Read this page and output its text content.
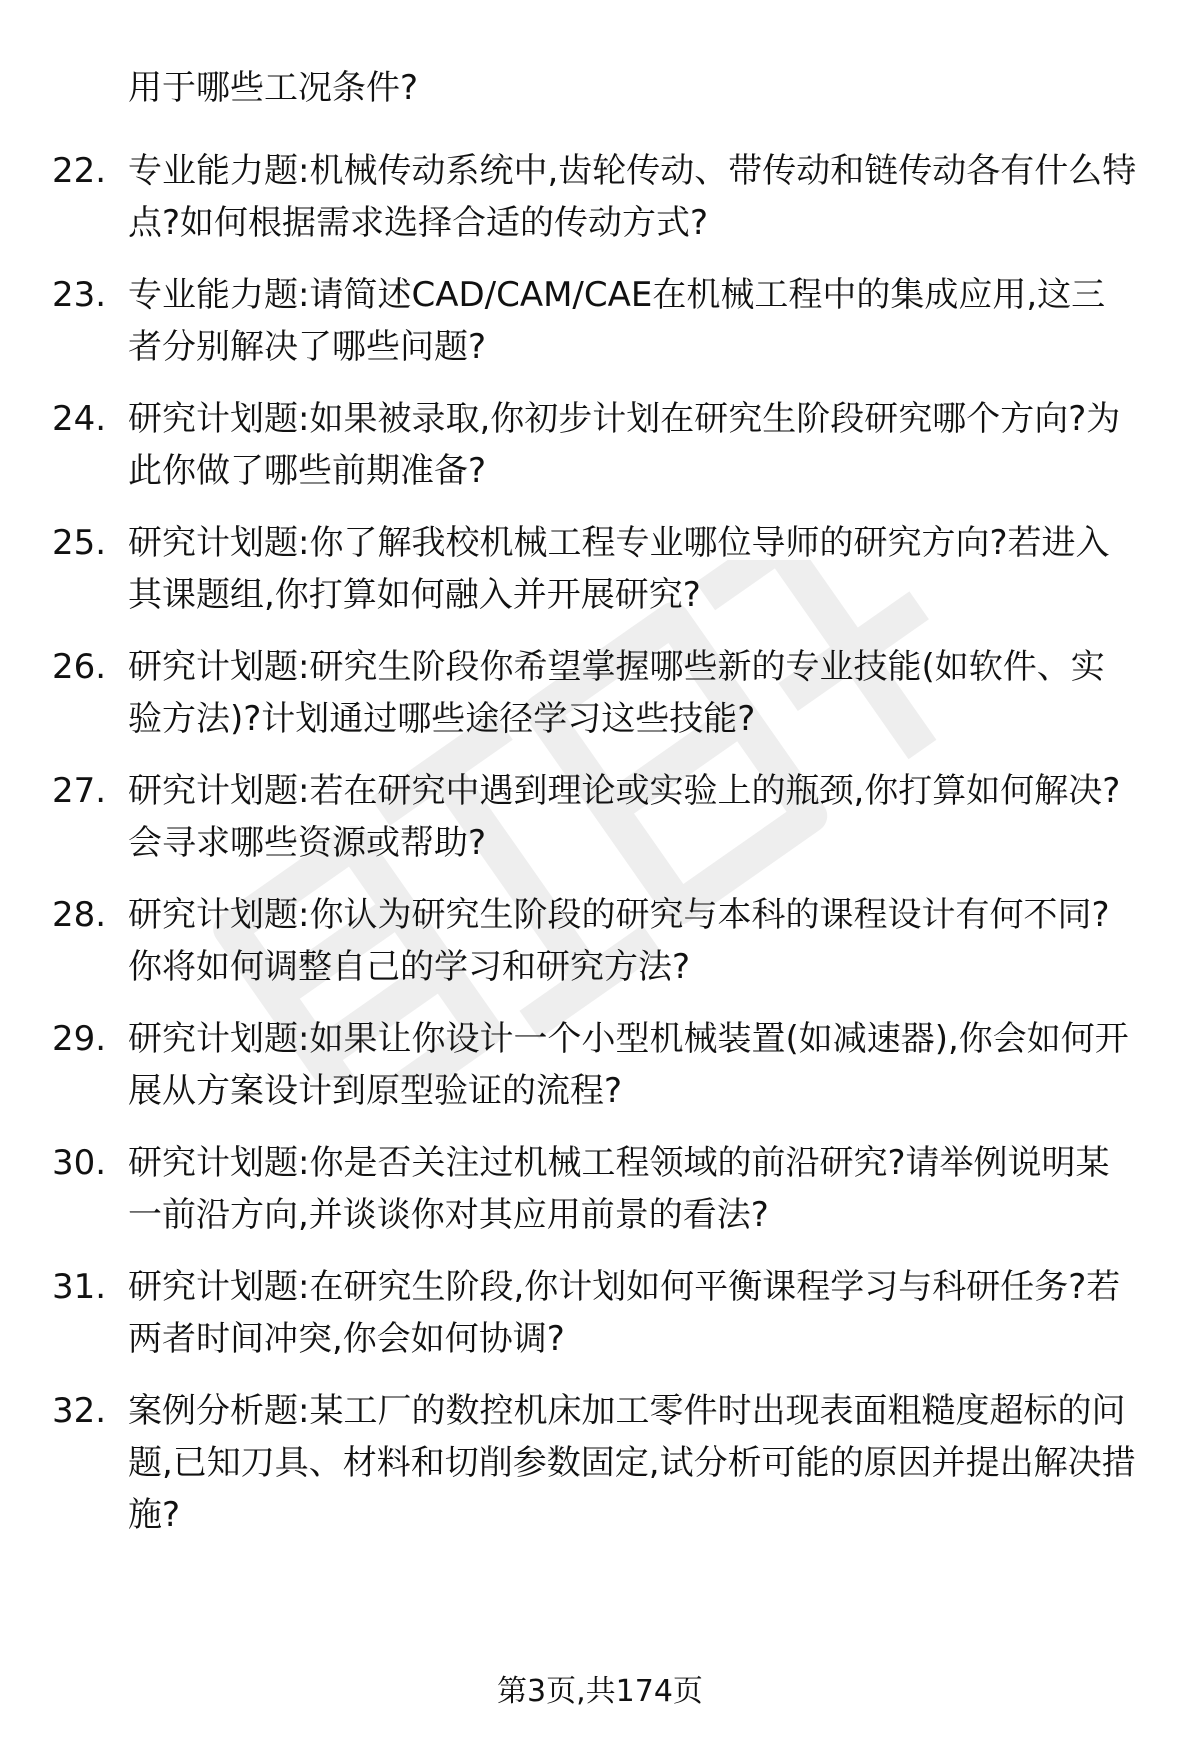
用于哪些工况条件?

22. 专业能力题:机械传动系统中,齿轮传动、带传动和链传动各有什么特点?如何根据需求选择合适的传动方式?

23. 专业能力题:请简述CAD/CAM/CAE在机械工程中的集成应用,这三者分别解决了哪些问题?

24. 研究计划题:如果被录取,你初步计划在研究生阶段研究哪个方向?为此你做了哪些前期准备?

25. 研究计划题:你了解我校机械工程专业哪位导师的研究方向?若进入其课题组,你打算如何融入并开展研究?

26. 研究计划题:研究生阶段你希望掌握哪些新的专业技能(如软件、实验方法)?计划通过哪些途径学习这些技能?

27. 研究计划题:若在研究中遇到理论或实验上的瓶颈,你打算如何解决?会寻求哪些资源或帮助?

28. 研究计划题:你认为研究生阶段的研究与本科的课程设计有何不同?你将如何调整自己的学习和研究方法?

29. 研究计划题:如果让你设计一个小型机械装置(如减速器),你会如何开展从方案设计到原型验证的流程?

30. 研究计划题:你是否关注过机械工程领域的前沿研究?请举例说明某一前沿方向,并谈谈你对其应用前景的看法?

31. 研究计划题:在研究生阶段,你计划如何平衡课程学习与科研任务?若两者时间冲突,你会如何协调?

32. 案例分析题:某工厂的数控机床加工零件时出现表面粗糙度超标的问题,已知刀具、材料和切削参数固定,试分析可能的原因并提出解决措施?

第3页,共174页
